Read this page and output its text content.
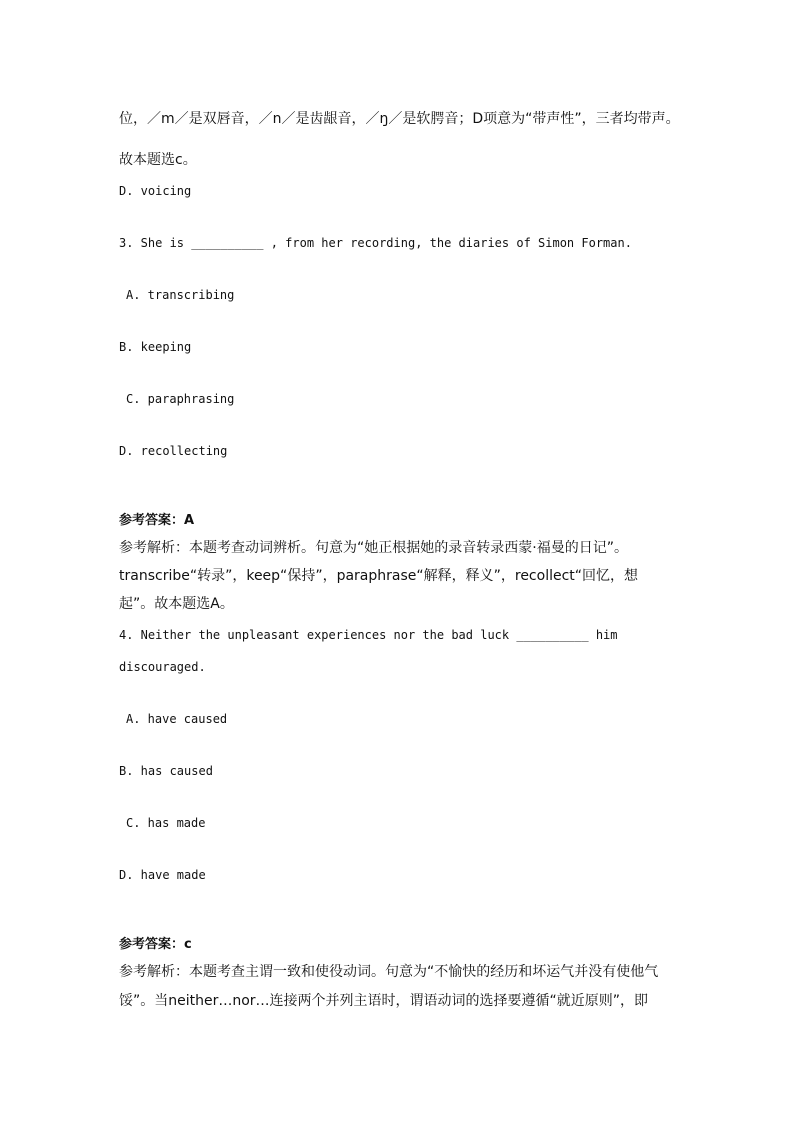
位，／m／是双唇音，／n／是齿龈音，／ŋ／是软腭音；D项意为“带声性”，三者均带声。
故本题选c。
D. voicing
3. She is __________ , from her recording, the diaries of Simon Forman.
A. transcribing
B. keeping
C. paraphrasing
D. recollecting
参考答案：A
参考解析：本题考查动词辨析。句意为“她正根据她的录音转录西蒙·福曼的日记”。
transcribe“转录”，keep“保持”，paraphrase“解释，释义”，recollect“回忆，想
起”。故本题选A。
4. Neither the unpleasant experiences nor the bad luck __________ him
discouraged.
A. have caused
B. has caused
C. has made
D. have made
参考答案：c
参考解析：本题考查主谓一致和使役动词。句意为“不愉快的经历和坏运气并没有使他气
馁”。当neither…nor…连接两个并列主语时，谓语动词的选择要遵循“就近原则”，即
